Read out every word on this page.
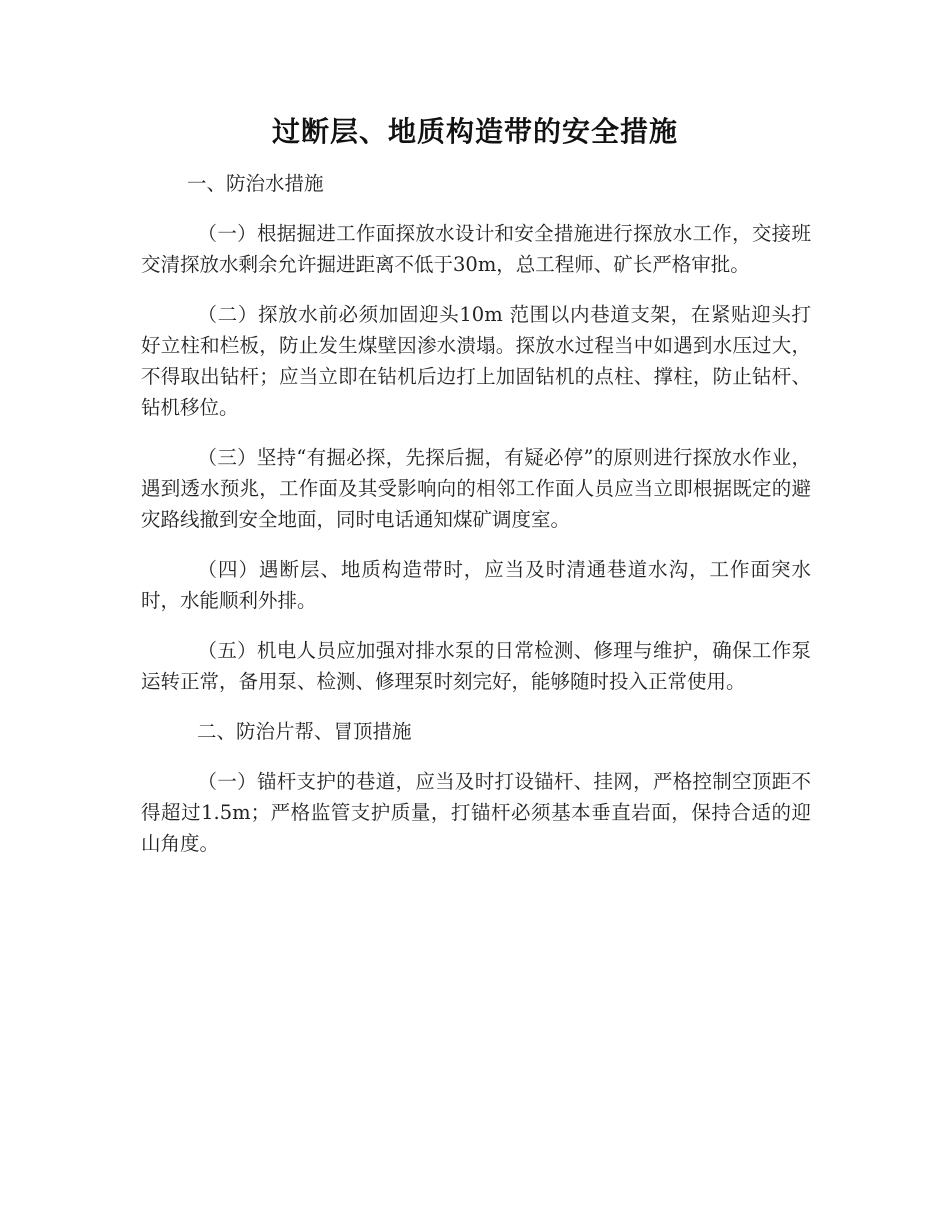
过断层、地质构造带的安全措施
一、防治水措施

（一）根据掘进工作面探放水设计和安全措施进行探放水工作，交接班交清探放水剩余允许掘进距离不低于30m，总工程师、矿长严格审批。

（二）探放水前必须加固迎头10m 范围以内巷道支架，在紧贴迎头打好立柱和栏板，防止发生煤壁因渗水溃塌。探放水过程当中如遇到水压过大，不得取出钻杆；应当立即在钻机后边打上加固钻机的点柱、撑柱，防止钻杆、钻机移位。

（三）坚持“有掘必探，先探后掘，有疑必停”的原则进行探放水作业，遇到透水预兆，工作面及其受影响向的相邻工作面人员应当立即根据既定的避灾路线撤到安全地面，同时电话通知煤矿调度室。

（四）遇断层、地质构造带时，应当及时清通巷道水沟，工作面突水时，水能顺利外排。

（五）机电人员应加强对排水泵的日常检测、修理与维护，确保工作泵运转正常，备用泵、检测、修理泵时刻完好，能够随时投入正常使用。

二、防治片帮、冒顶措施

（一）锚杆支护的巷道，应当及时打设锚杆、挂网，严格控制空顶距不得超过1.5m；严格监管支护质量，打锚杆必须基本垂直岩面，保持合适的迎山角度。
